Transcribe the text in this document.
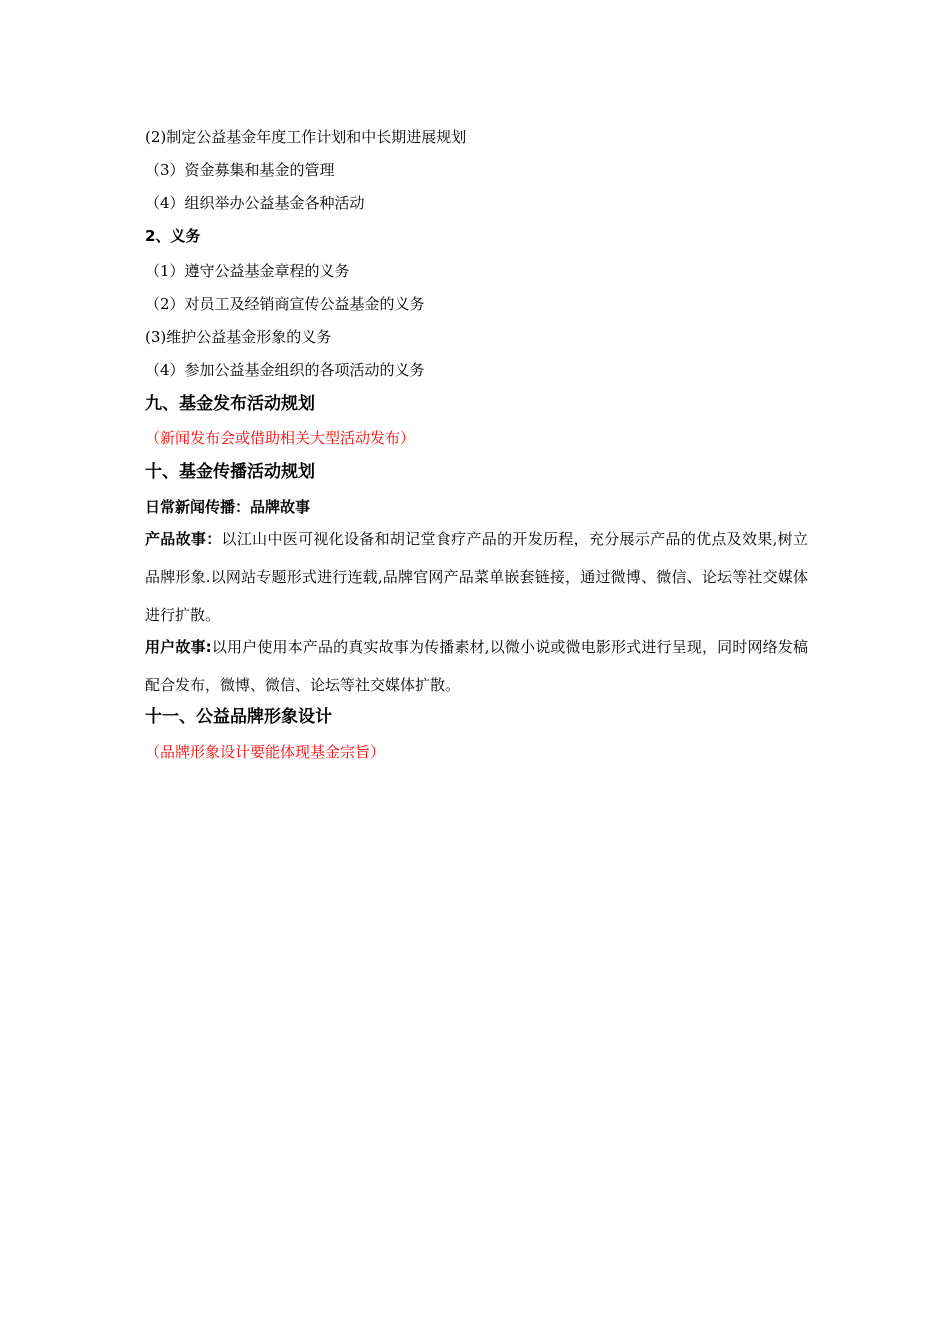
(2)制定公益基金年度工作计划和中长期进展规划
（3）资金募集和基金的管理
（4）组织举办公益基金各种活动
2、义务
（1）遵守公益基金章程的义务
（2）对员工及经销商宣传公益基金的义务
(3)维护公益基金形象的义务
（4）参加公益基金组织的各项活动的义务
九、基金发布活动规划
（新闻发布会或借助相关大型活动发布）
十、基金传播活动规划
日常新闻传播：品牌故事
产品故事：以江山中医可视化设备和胡记堂食疗产品的开发历程，充分展示产品的优点及效果,树立品牌形象.以网站专题形式进行连载,品牌官网产品菜单嵌套链接，通过微博、微信、论坛等社交媒体进行扩散。
用户故事:以用户使用本产品的真实故事为传播素材,以微小说或微电影形式进行呈现，同时网络发稿配合发布，微博、微信、论坛等社交媒体扩散。
十一、公益品牌形象设计
（品牌形象设计要能体现基金宗旨）
